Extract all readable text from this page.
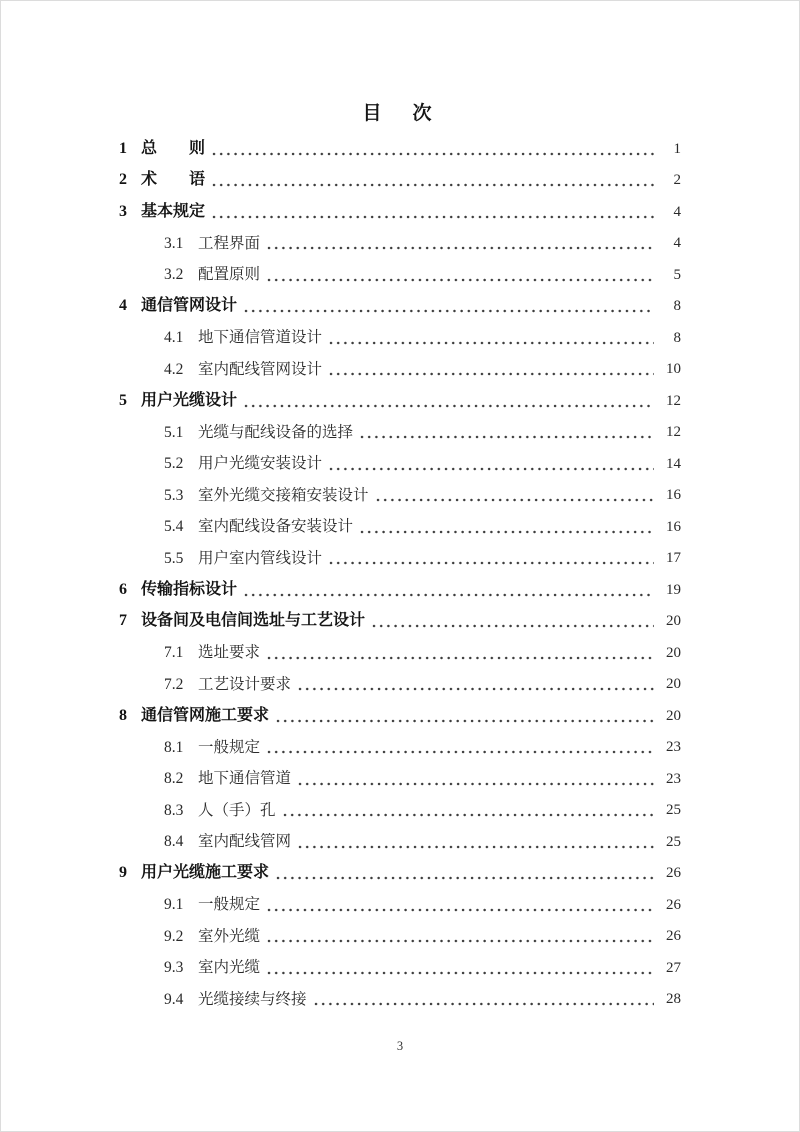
目　次
1 总　　则	1
2 术　　语	2
3 基本规定	4
3.1 工程界面	4
3.2 配置原则	5
4 通信管网设计	8
4.1 地下通信管道设计	8
4.2 室内配线管网设计	10
5 用户光缆设计	12
5.1 光缆与配线设备的选择	12
5.2 用户光缆安装设计	14
5.3 室外光缆交接箱安装设计	16
5.4 室内配线设备安装设计	16
5.5 用户室内管线设计	17
6 传输指标设计	19
7 设备间及电信间选址与工艺设计	20
7.1 选址要求	20
7.2 工艺设计要求	20
8 通信管网施工要求	20
8.1 一般规定	23
8.2 地下通信管道	23
8.3 人（手）孔	25
8.4 室内配线管网	25
9 用户光缆施工要求	26
9.1 一般规定	26
9.2 室外光缆	26
9.3 室内光缆	27
9.4 光缆接续与终接	28
3
